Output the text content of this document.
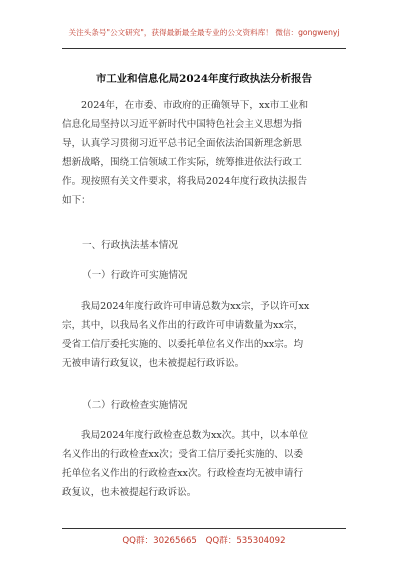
关注头条号"公文研究"，获得最新最全最专业的公文资料库！ 微信：gongwenyj
市工业和信息化局2024年度行政执法分析报告
2024年，在市委、市政府的正确领导下，xx市工业和
信息化局坚持以习近平新时代中国特色社会主义思想为指
导，认真学习贯彻习近平总书记全面依法治国新理念新思
想新战略，围绕工信领域工作实际，统筹推进依法行政工
作。现按照有关文件要求，将我局2024年度行政执法报告
如下：
一、行政执法基本情况
（一）行政许可实施情况
我局2024年度行政许可申请总数为xx宗，予以许可xx
宗，其中，以我局名义作出的行政许可申请数量为xx宗，
受省工信厅委托实施的、以委托单位名义作出的xx宗。均
无被申请行政复议，也未被提起行政诉讼。
（二）行政检查实施情况
我局2024年度行政检查总数为xx次。其中，以本单位
名义作出的行政检查xx次；受省工信厅委托实施的、以委
托单位名义作出的行政检查xx次。行政检查均无被申请行
政复议，也未被提起行政诉讼。
QQ群：30265665 QQ群：535304092
